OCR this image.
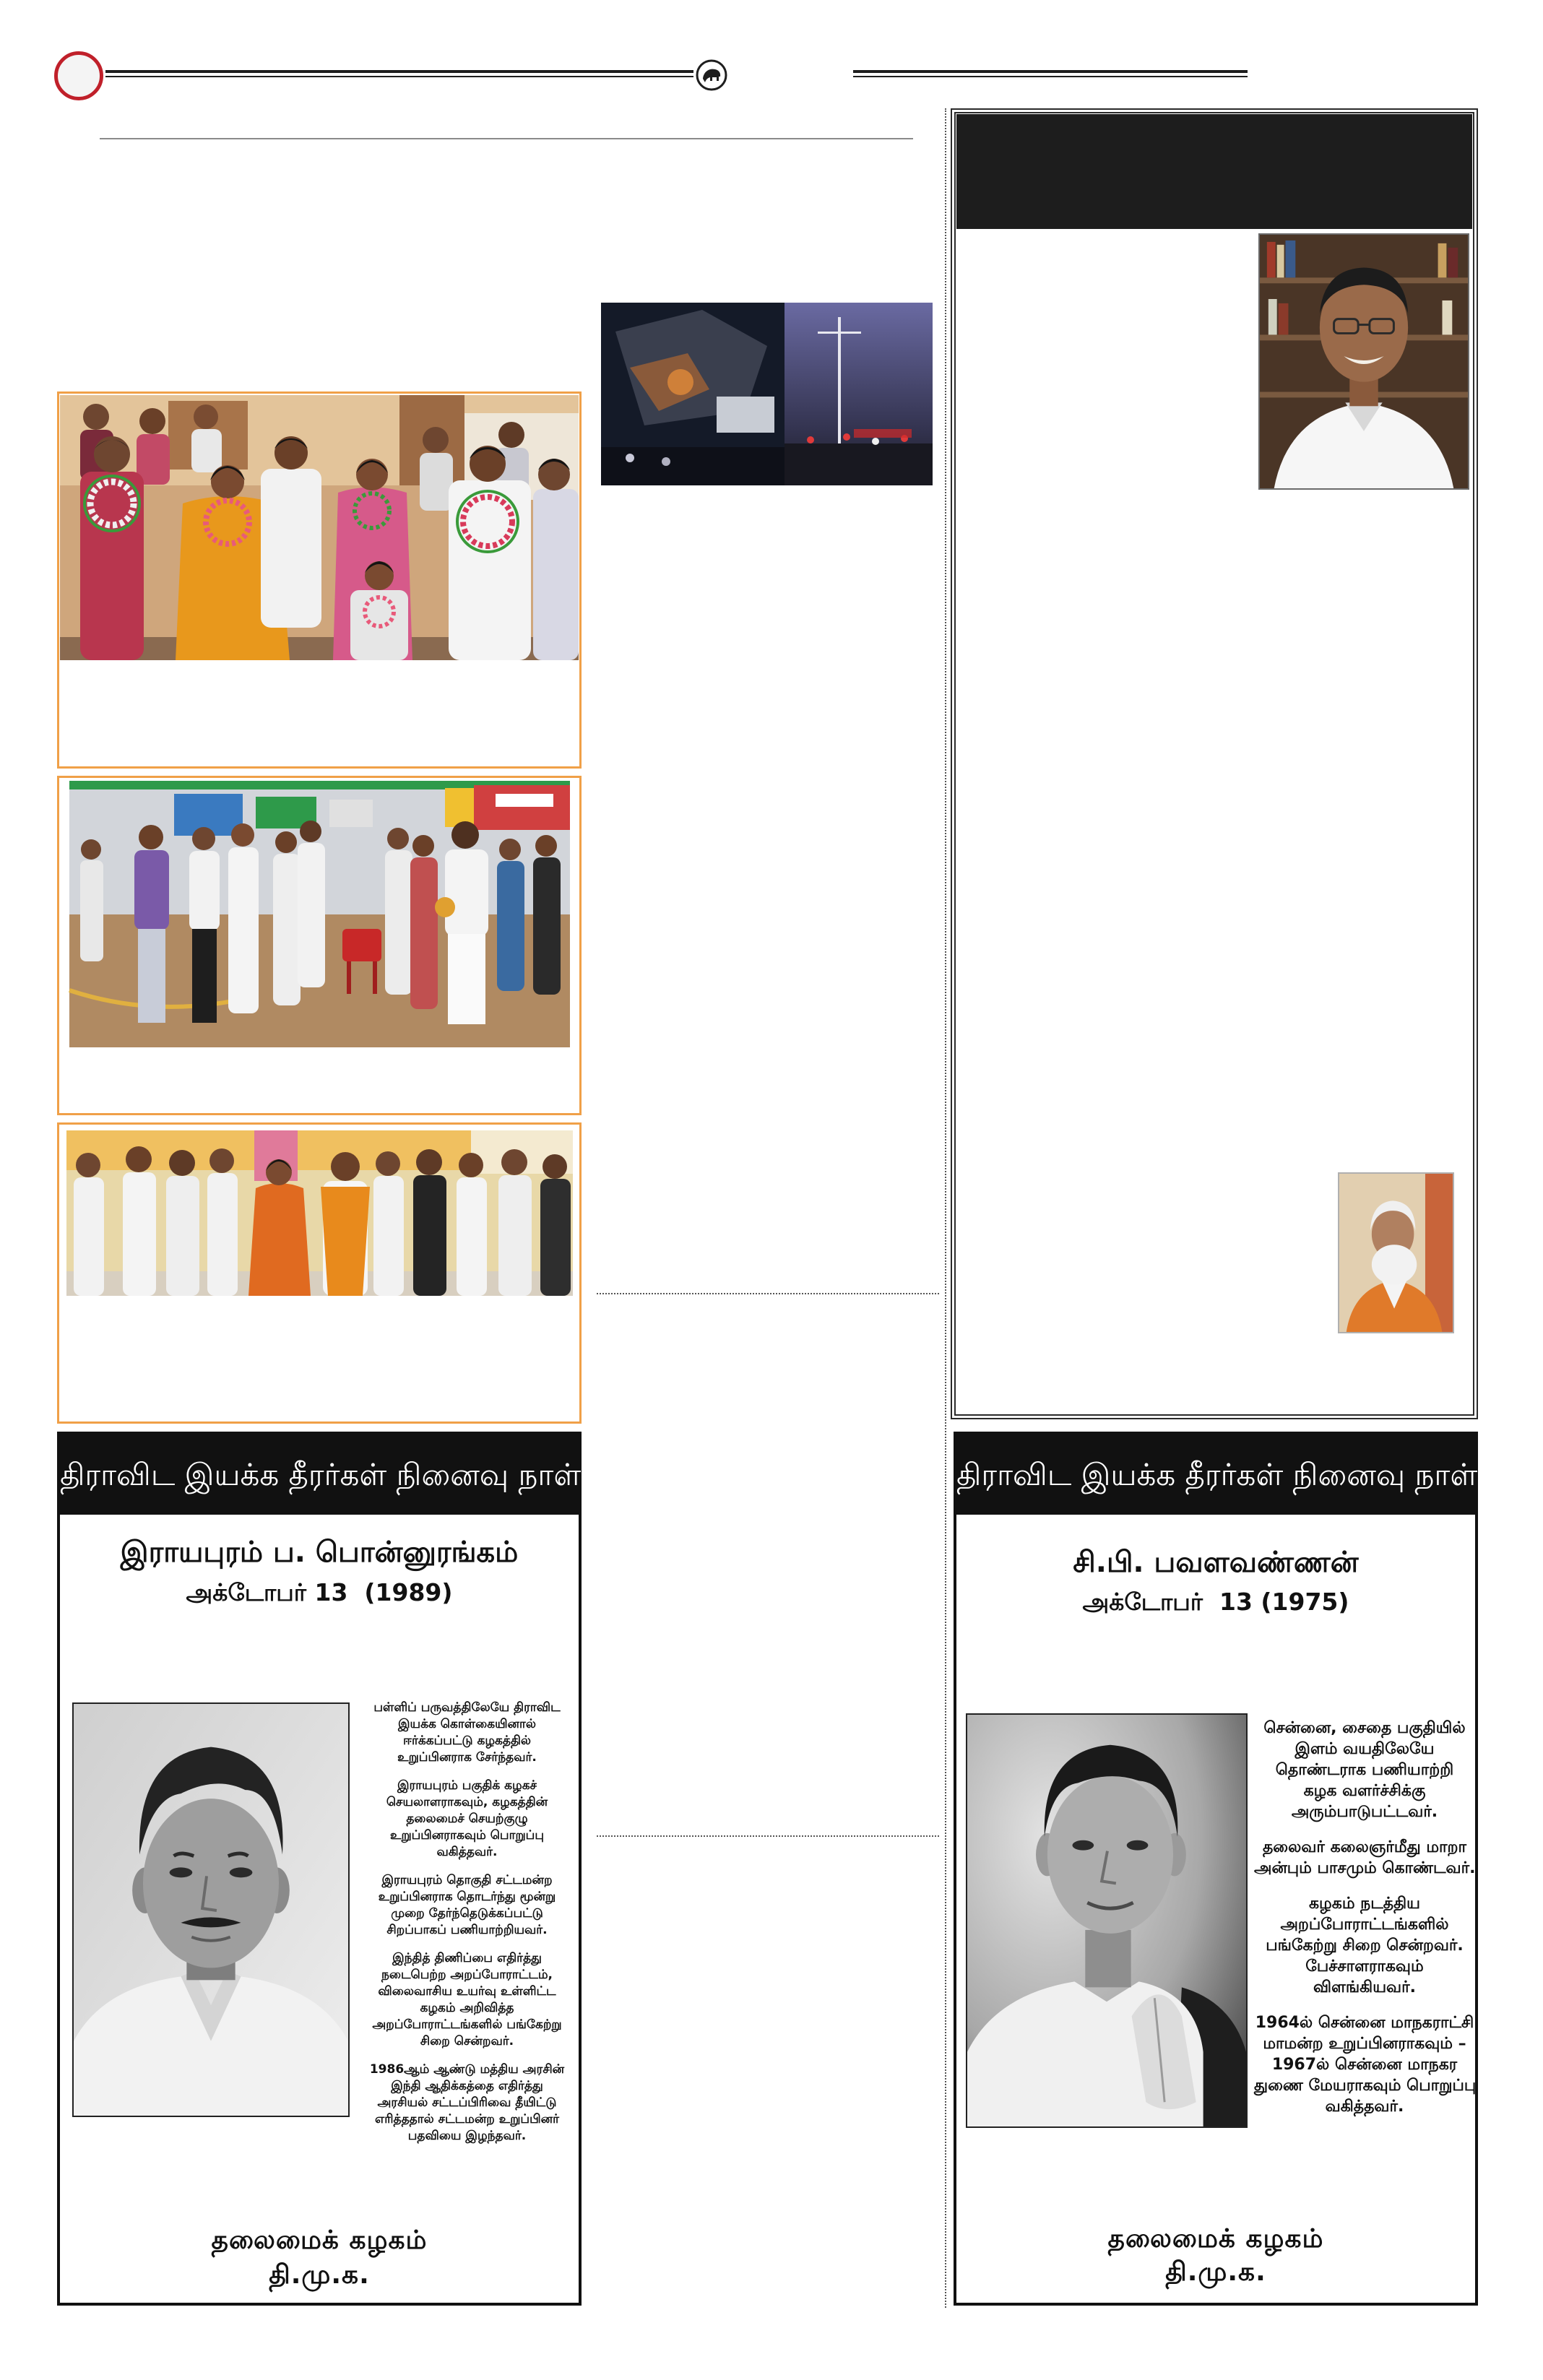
திராவிட இயக்க தீரர்கள் நினைவு நாள்
இராயபுரம் ப. பொன்னுரங்கம்
அக்டோபர் 13  (1989)
பள்ளிப் பருவத்திலேயே திராவிட
இயக்க கொள்கையினால்
ஈர்க்கப்பட்டு கழகத்தில்
உறுப்பினராக சேர்ந்தவர்.
இராயபுரம் பகுதிக் கழகச்
செயலாளராகவும், கழகத்தின்
தலைமைச் செயற்குழு
உறுப்பினராகவும் பொறுப்பு
வகித்தவர்.
இராயபுரம் தொகுதி சட்டமன்ற
உறுப்பினராக தொடர்ந்து மூன்று
முறை தேர்ந்தெடுக்கப்பட்டு
சிறப்பாகப் பணியாற்றியவர்.
இந்தித் திணிப்பை எதிர்த்து
நடைபெற்ற அறப்போராட்டம்,
விலைவாசிய உயர்வு உள்ளிட்ட
கழகம் அறிவித்த
அறப்போராட்டங்களில் பங்கேற்று
சிறை சென்றவர்.
1986ஆம் ஆண்டு மத்திய அரசின்
இந்தி ஆதிக்கத்தை எதிர்த்து
அரசியல் சட்டப்பிரிவை தீயிட்டு
எரித்ததால் சட்டமன்ற உறுப்பினர்
பதவியை இழந்தவர்.
தலைமைக் கழகம்
தி.மு.க.
திராவிட இயக்க தீரர்கள் நினைவு நாள்
சி.பி. பவளவண்ணன்
அக்டோபர்  13 (1975)
சென்னை, சைதை பகுதியில்
இளம் வயதிலேயே
தொண்டராக பணியாற்றி
கழக வளர்ச்சிக்கு
அரும்பாடுபட்டவர்.
தலைவர் கலைஞர்மீது மாறா
அன்பும் பாசமும் கொண்டவர்.
கழகம் நடத்திய
அறப்போராட்டங்களில்
பங்கேற்று சிறை சென்றவர்.
பேச்சாளராகவும்
விளங்கியவர்.
1964ல் சென்னை மாநகராட்சி
மாமன்ற உறுப்பினராகவும் –
1967ல் சென்னை மாநகர
துணை மேயராகவும் பொறுப்பு
வகித்தவர்.
தலைமைக் கழகம்
தி.மு.க.
